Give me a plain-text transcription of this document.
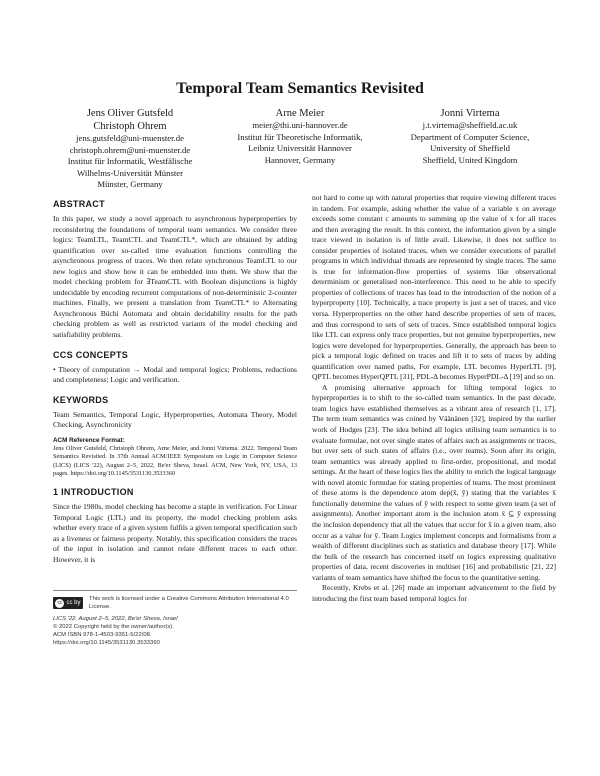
Temporal Team Semantics Revisited
Jens Oliver Gutsfeld
Christoph Ohrem
jens.gutsfeld@uni-muenster.de
christoph.ohrem@uni-muenster.de
Institut für Informatik, Westfälische
Wilhelms-Universität Münster
Münster, Germany
Arne Meier
meier@thi.uni-hannover.de
Institut für Theoretische Informatik,
Leibniz Universität Hannover
Hannover, Germany
Jonni Virtema
j.t.virtema@sheffield.ac.uk
Department of Computer Science,
University of Sheffield
Sheffield, United Kingdom
ABSTRACT

In this paper, we study a novel approach to asynchronous hyperproperties by reconsidering the foundations of temporal team semantics. We consider three logics: TeamLTL, TeamCTL and TeamCTL*, which are obtained by adding quantification over so-called time evaluation functions controlling the asynchronous progress of traces. We then relate synchronous TeamLTL to our new logics and show how it can be embedded into them. We show that the model checking problem for ∃TeamCTL with Boolean disjunctions is highly undecidable by encoding recurrent computations of non-deterministic 2-counter machines. Finally, we present a translation from TeamCTL* to Alternating Asynchronous Büchi Automata and obtain decidability results for the path checking problem as well as restricted variants of the model checking and satisfiability problems.

CCS CONCEPTS

• Theory of computation → Modal and temporal logics; Problems, reductions and completeness; Logic and verification.

KEYWORDS

Team Semantics, Temporal Logic, Hyperproperties, Automata Theory, Model Checking, Asynchronicity

ACM Reference Format:
Jens Oliver Gutsfeld, Christoph Ohrem, Arne Meier, and Jonni Virtema. 2022. Temporal Team Semantics Revisited. In 37th Annual ACM/IEEE Symposium on Logic in Computer Science (LICS) (LICS '22), August 2–5, 2022, Be'er Sheva, Israel. ACM, New York, NY, USA, 13 pages. https://doi.org/10.1145/3531130.3533360
1 INTRODUCTION

Since the 1980s, model checking has become a staple in verification. For Linear Temporal Logic (LTL) and its property, the model checking problem asks whether every trace of a given system fulfils a given temporal specification such as a liveness or fairness property. Notably, this specification considers the traces of the input in isolation and cannot relate different traces to each other. However, it is

cc cc by
This work is licensed under a Creative Commons Attribution International 4.0 License.
LICS '22, August 2–5, 2022, Be'er Sheva, Israel
© 2022 Copyright held by the owner/author(s).
ACM ISBN 978-1-4503-9351-5/22/08.
https://doi.org/10.1145/3531130.3533360

not hard to come up with natural properties that require viewing different traces in tandem. For example, asking whether the value of a variable x on average exceeds some constant c amounts to summing up the value of x for all traces and then averaging the result. In this context, the information given by a single trace viewed in isolation is of little avail. Likewise, it does not suffice to consider properties of isolated traces, when we consider executions of parallel programs in which individual threads are represented by single traces. The same is true for information-flow properties of systems like observational determinism or generalised non-interference. This need to be able to specify properties of collections of traces has lead to the introduction of the notion of a hyperproperty [10]. Technically, a trace property is just a set of traces, and vice versa. Hyperproperties on the other hand describe properties of sets of traces, and thus correspond to sets of sets of traces. Since established temporal logics like LTL can express only trace properties, but not genuine hyperproperties, new logics were developed for hyperproperties. Generally, the approach has been to pick a temporal logic defined on traces and lift it to sets of traces by adding quantification over named paths, For example, LTL becomes HyperLTL [9], QPTL becomes HyperQPTL [31], PDL-Δ becomes HyperPDL-Δ [19] and so on.

A promising alternative approach for lifting temporal logics to hyperproperties is to shift to the so-called team semantics. In the past decade, team logics have established themselves as a vibrant area of research [1, 17]. The term team semantics was coined by Väänänen [32], inspired by the earlier work of Hodges [23]. The idea behind all logics utilising team semantics is to evaluate formulae, not over single states of affairs such as assignments or traces, but over sets of such states of affairs (i.e., over teams). Soon after its origin, team semantics was already applied to first-order, propositional, and modal settings. At the heart of these logics lies the ability to enrich the logical language with novel atomic formulae for stating properties of teams. The most prominent of these atoms is the dependence atom dep(x̄, ȳ) stating that the variables x̄ functionally determine the values of ȳ with respect to some given team (a set of assignments). Another important atom is the inclusion atom x̄ ⊆ ȳ expressing the inclusion dependency that all the values that occur for x̄ in a given team, also occur as a value for ȳ. Team Logics implement concepts and formalisms from a wealth of different disciplines such as statistics and database theory [17]. While the bulk of the research has concerned itself on logics expressing qualitative properties of data, recent discoveries in multiset [16] and probabilistic [21, 22] variants of team semantics have shifted the focus to the quantitative setting.

Recently, Krebs et al. [26] made an important advancement to the field by introducing the first team based temporal logics for
